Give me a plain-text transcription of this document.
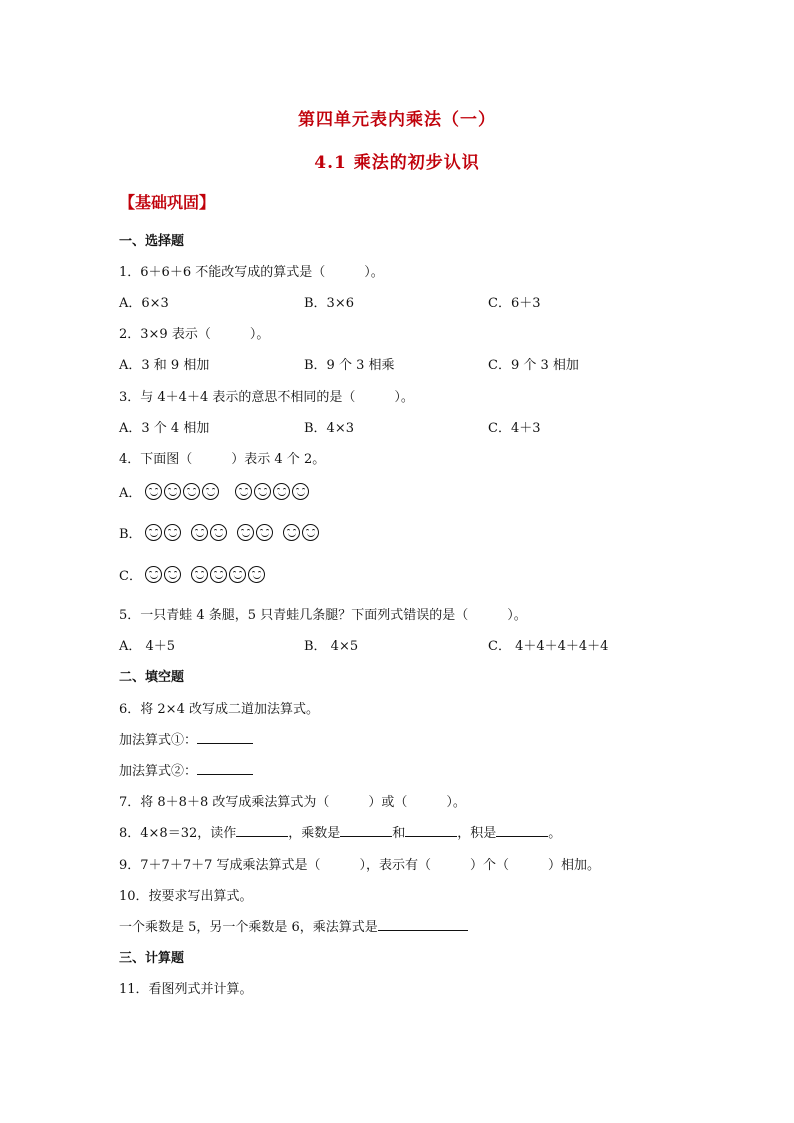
第四单元表内乘法（一）
4.1 乘法的初步认识
【基础巩固】
一、选择题
1．6＋6＋6 不能改写成的算式是（　　　）。
A．6×3	B．3×6	C．6＋3
2．3×9 表示（　　　）。
A．3 和 9 相加	B．9 个 3 相乘	C．9 个 3 相加
3．与 4＋4＋4 表示的意思不相同的是（　　　）。
A．3 个 4 相加	B．4×3	C．4＋3
4．下面图（　　　）表示 4 个 2。
A．
B．
C．
5．一只青蛙 4 条腿，5 只青蛙几条腿？下面列式错误的是（　　　）。
A． 4＋5	B． 4×5	C． 4＋4＋4＋4＋4
二、填空题
6．将 2×4 改写成二道加法算式。
加法算式①：
加法算式②：
7．将 8＋8＋8 改写成乘法算式为（　　　）或（　　　）。
8．4×8＝32，读作	，乘数是	和	，积是	。
9．7＋7＋7＋7 写成乘法算式是（　　　），表示有（　　　）个（　　　）相加。
10．按要求写出算式。
一个乘数是 5，另一个乘数是 6，乘法算式是
三、计算题
11．看图列式并计算。
